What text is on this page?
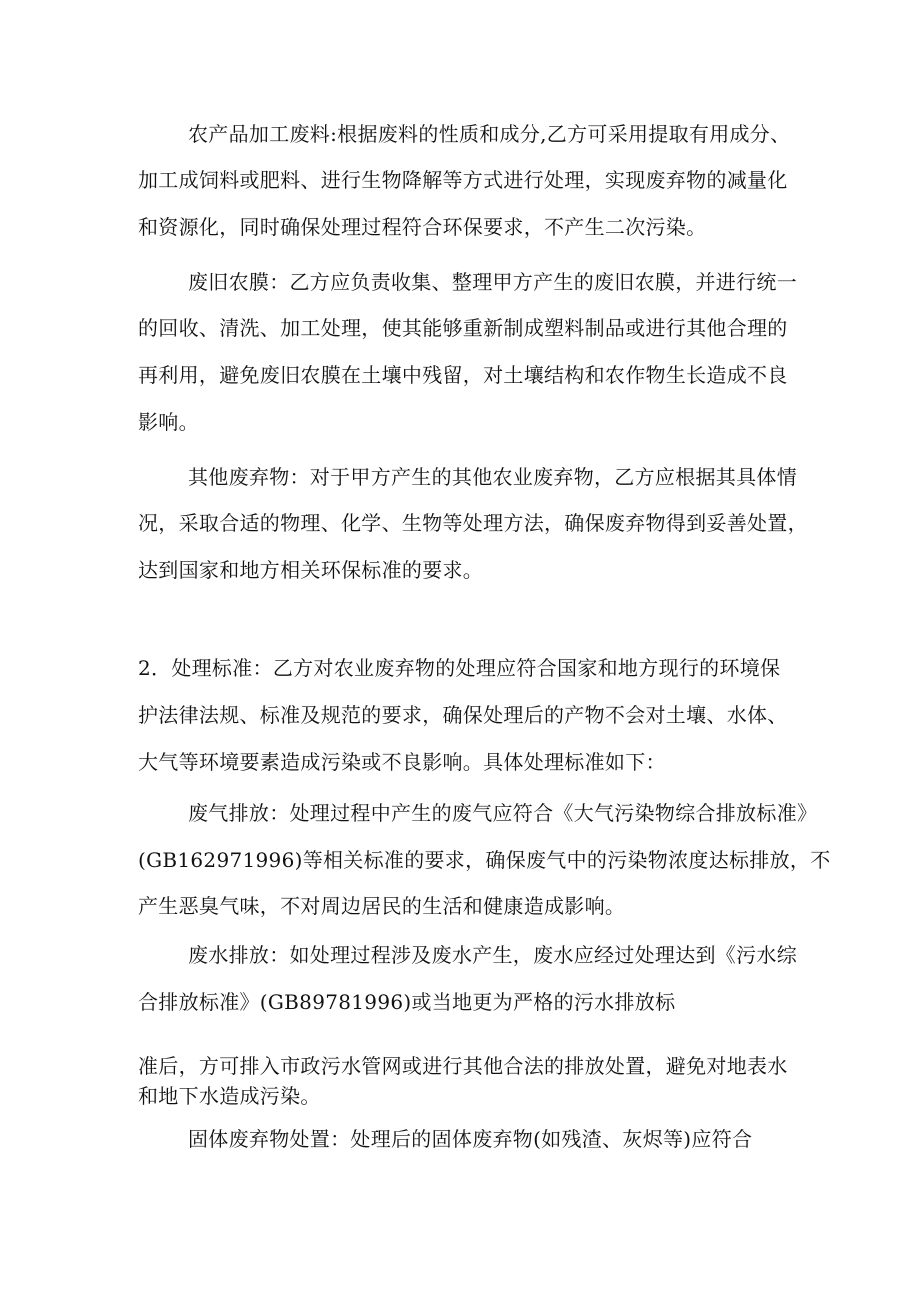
农产品加工废料:根据废料的性质和成分,乙方可采用提取有用成分、
加工成饲料或肥料、进行生物降解等方式进行处理，实现废弃物的减量化
和资源化，同时确保处理过程符合环保要求，不产生二次污染。
废旧农膜：乙方应负责收集、整理甲方产生的废旧农膜，并进行统一
的回收、清洗、加工处理，使其能够重新制成塑料制品或进行其他合理的
再利用，避免废旧农膜在土壤中残留，对土壤结构和农作物生长造成不良
影响。
其他废弃物：对于甲方产生的其他农业废弃物，乙方应根据其具体情
况，采取合适的物理、化学、生物等处理方法，确保废弃物得到妥善处置，
达到国家和地方相关环保标准的要求。
2．处理标准：乙方对农业废弃物的处理应符合国家和地方现行的环境保
护法律法规、标准及规范的要求，确保处理后的产物不会对土壤、水体、
大气等环境要素造成污染或不良影响。具体处理标准如下：
废气排放：处理过程中产生的废气应符合《大气污染物综合排放标准》
(GB162971996)等相关标准的要求，确保废气中的污染物浓度达标排放，不
产生恶臭气味，不对周边居民的生活和健康造成影响。
废水排放：如处理过程涉及废水产生，废水应经过处理达到《污水综
合排放标准》(GB89781996)或当地更为严格的污水排放标
准后，方可排入市政污水管网或进行其他合法的排放处置，避免对地表水
和地下水造成污染。
固体废弃物处置：处理后的固体废弃物(如残渣、灰烬等)应符合
